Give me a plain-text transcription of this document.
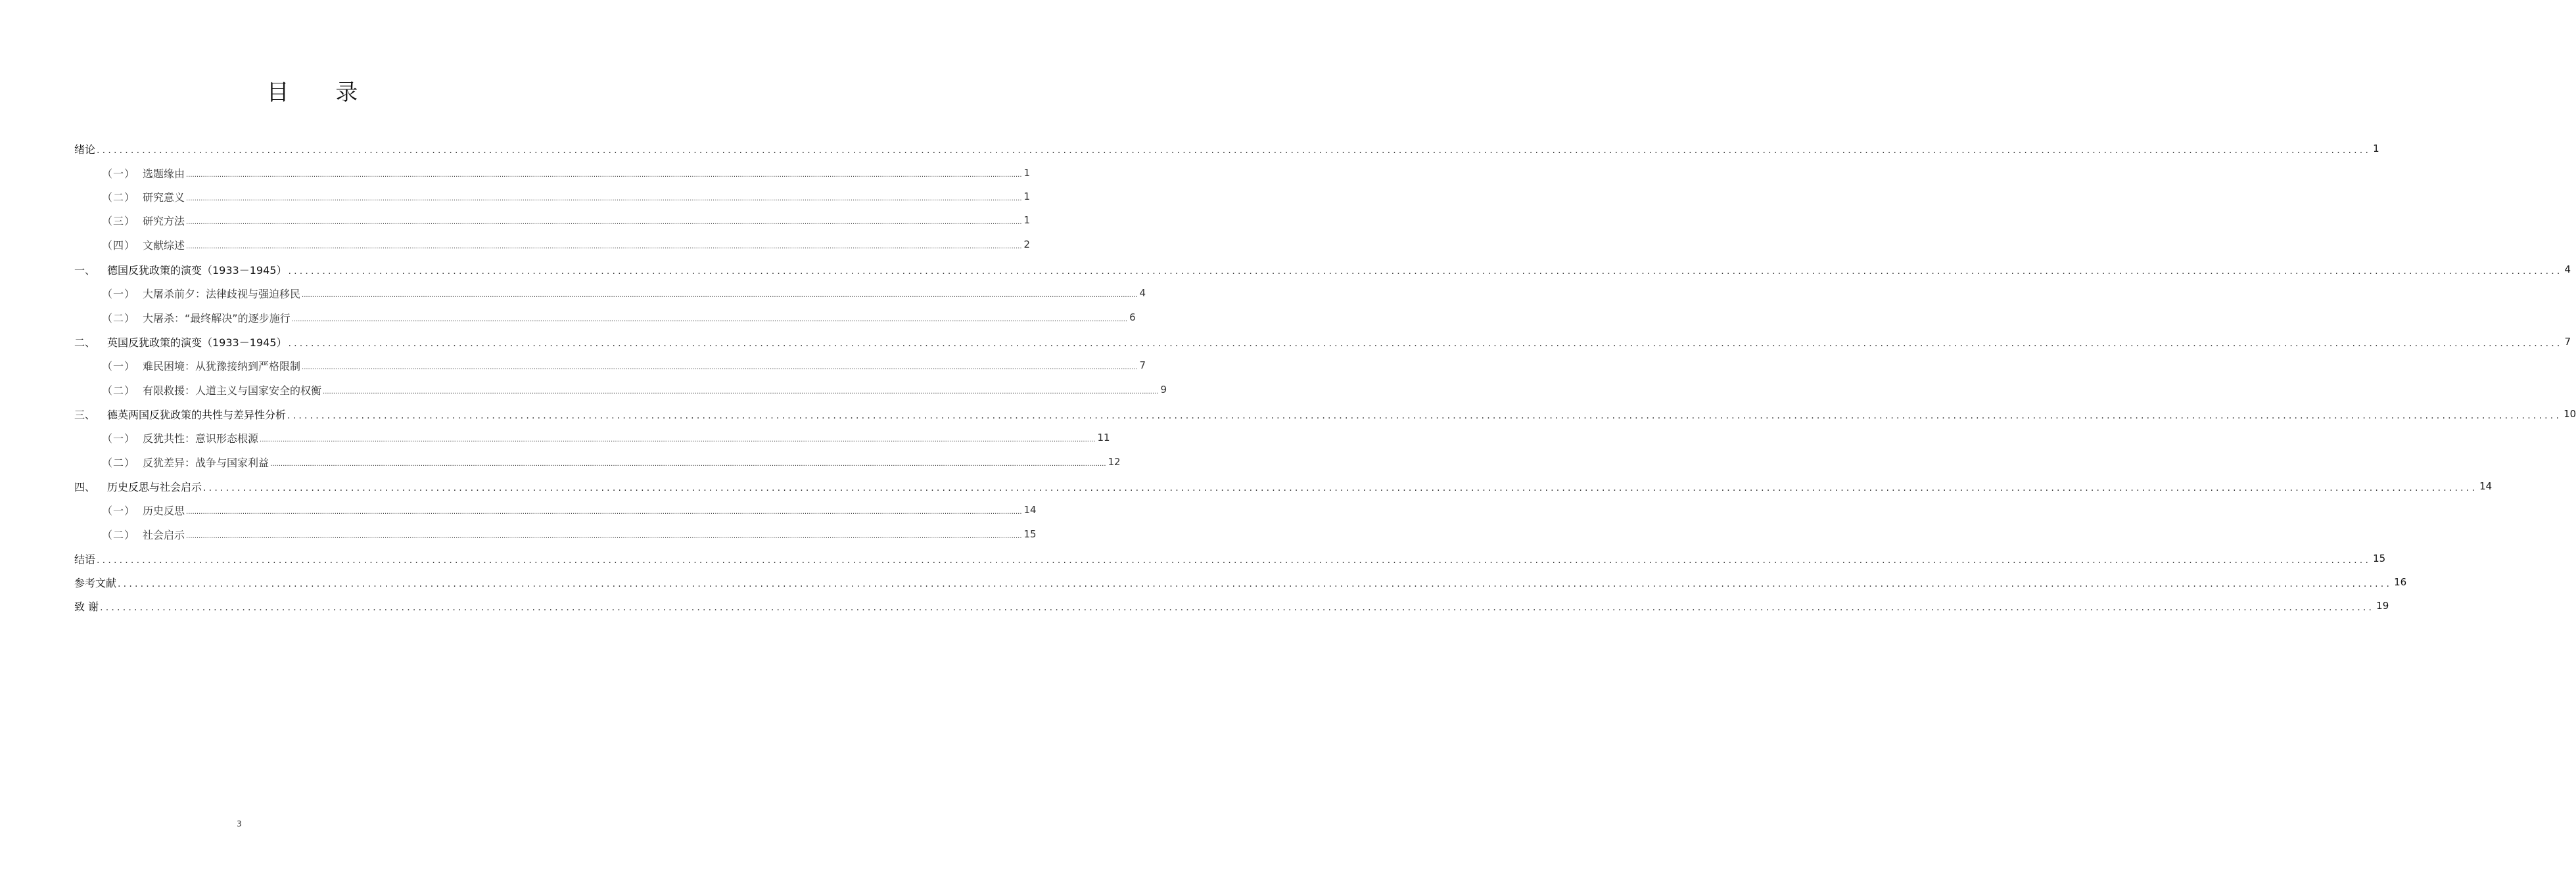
目 录
绪论 ................................................................................................................................................................................................................................................................................................................................................................................................................ 1
（一） 选题缘由 ................................................................................................................................................................................................................................................................................................................................................................................................................ 1
（二） 研究意义 ................................................................................................................................................................................................................................................................................................................................................................................................................ 1
（三） 研究方法 ................................................................................................................................................................................................................................................................................................................................................................................................................ 1
（四） 文献综述 ................................................................................................................................................................................................................................................................................................................................................................................................................ 2
一、	德国反犹政策的演变（1933－1945） ................................................................................................................................................................................................................................................................................................................................................................................................................ 4
（一） 大屠杀前夕：法律歧视与强迫移民 ................................................................................................................................................................................................................................................................................................................................................................................................................ 4
（二） 大屠杀：“最终解决”的逐步施行 ................................................................................................................................................................................................................................................................................................................................................................................................................ 6
二、	英国反犹政策的演变（1933－1945） ................................................................................................................................................................................................................................................................................................................................................................................................................ 7
（一） 难民困境：从犹豫接纳到严格限制 ................................................................................................................................................................................................................................................................................................................................................................................................................ 7
（二） 有限救援：人道主义与国家安全的权衡 ................................................................................................................................................................................................................................................................................................................................................................................................................ 9
三、	德英两国反犹政策的共性与差异性分析 ................................................................................................................................................................................................................................................................................................................................................................................................................ 10
（一） 反犹共性：意识形态根源 ................................................................................................................................................................................................................................................................................................................................................................................................................ 11
（二） 反犹差异：战争与国家利益 ................................................................................................................................................................................................................................................................................................................................................................................................................ 12
四、	历史反思与社会启示 ................................................................................................................................................................................................................................................................................................................................................................................................................ 14
（一） 历史反思 ................................................................................................................................................................................................................................................................................................................................................................................................................ 14
（二） 社会启示 ................................................................................................................................................................................................................................................................................................................................................................................................................ 15
结语 ................................................................................................................................................................................................................................................................................................................................................................................................................ 15
参考文献 ................................................................................................................................................................................................................................................................................................................................................................................................................ 16
致 谢 ................................................................................................................................................................................................................................................................................................................................................................................................................ 19
3
